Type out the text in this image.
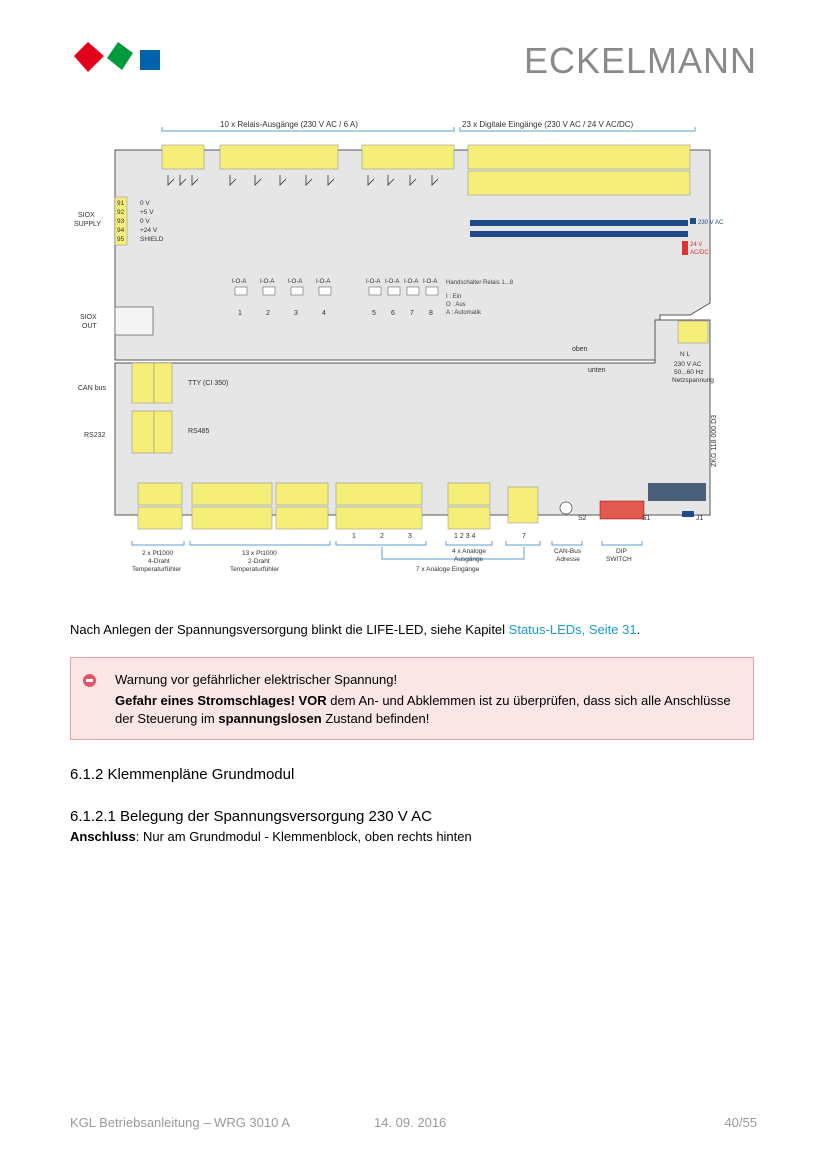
ECKELMANN
10 x Relais-Ausgänge (230 V AC / 6 A)	23 x Digitale Eingänge (230 V AC / 24 V AC/DC)
SIOX
SUPPLY
91
92
93
94
95
0 V
+5 V
0 V
+24 V
SHIELD
230 V AC
24 V
AC/DC
I-O-A I-O-A I-O-A I-O-A	I-O-A I-O-A I-O-A I-O-A
1	2	3	4	5 6 7 8
Handschalter Relais 1...8
I : Ein
O : Aus
A : Automatik
SIOX
OUT
oben
unten
N L
230 V AC
50...60 Hz
Netzspannung
CAN bus
RS232
TTY (CI 350)
RS485	ZKG 118 000 D3
S2	S1	J1
1	2	3	1 2 3 4	7
2 x Pt1000
4-Draht
Temperaturfühler
13 x Pt1000
2-Draht
Temperaturfühler
4 x Analoge
Ausgänge
7 x Analoge Eingänge
CAN-Bus
Adresse
DIP
SWITCH
Nach Anlegen der Spannungsversorgung blinkt die LIFE-LED, siehe Kapitel Status-LEDs, Seite 31.
Warnung vor gefährlicher elektrischer Spannung!
Gefahr eines Stromschlages! VOR dem An- und Abklemmen ist zu überprüfen, dass sich alle Anschlüsse der Steuerung im spannungslosen Zustand befinden!
6.1.2 Klemmenpläne Grundmodul
6.1.2.1 Belegung der Spannungsversorgung 230 V AC
Anschluss: Nur am Grundmodul - Klemmenblock, oben rechts hinten
KGL Betriebsanleitung – WRG 3010 A	14. 09. 2016	40/55
